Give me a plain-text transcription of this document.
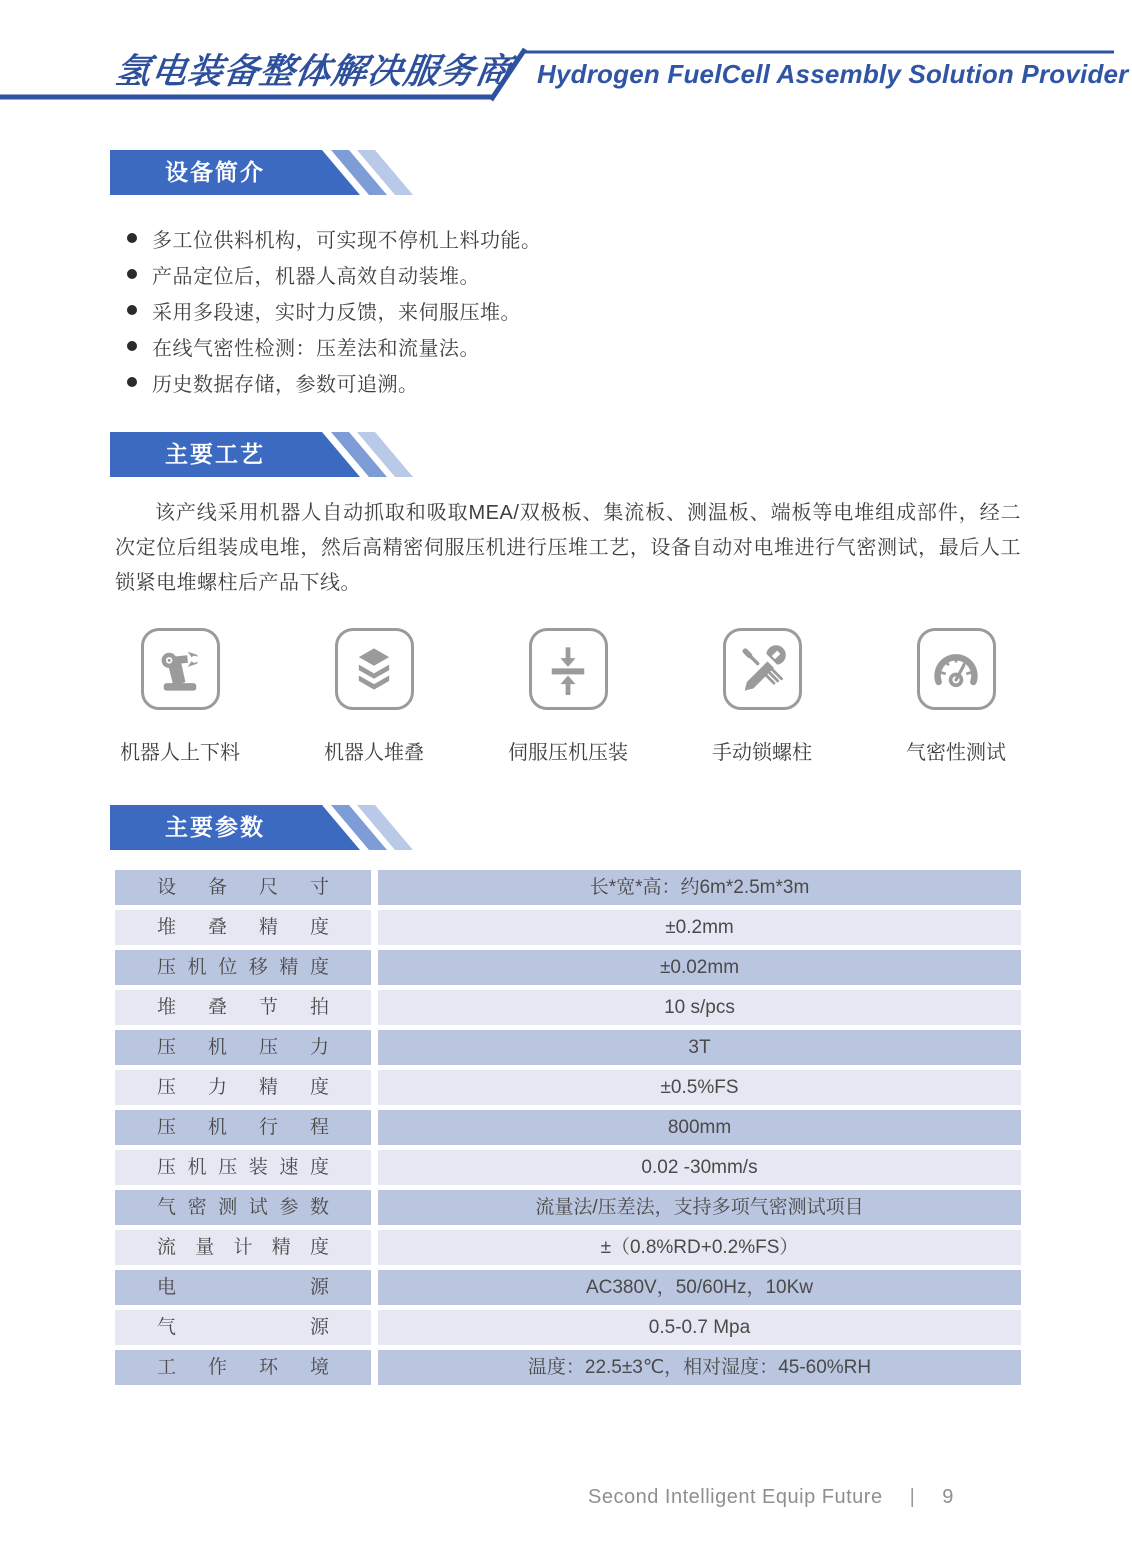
氢电装备整体解决服务商 Hydrogen FuelCell Assembly Solution Provider
设备简介
多工位供料机构，可实现不停机上料功能。
产品定位后，机器人高效自动装堆。
采用多段速，实时力反馈，来伺服压堆。
在线气密性检测：压差法和流量法。
历史数据存储，参数可追溯。
主要工艺
该产线采用机器人自动抓取和吸取MEA/双极板、集流板、测温板、端板等电堆组成部件，经二次定位后组装成电堆，然后高精密伺服压机进行压堆工艺，设备自动对电堆进行气密测试，最后人工锁紧电堆螺柱后产品下线。
机器人上下料	机器人堆叠	伺服压机压装	手动锁螺柱	气密性测试
主要参数
设备尺寸	长*宽*高：约6m*2.5m*3m
堆叠精度	±0.2mm
压机位移精度	±0.02mm
堆叠节拍	10 s/pcs
压机压力	3T
压力精度	±0.5%FS
压机行程	800mm
压机压装速度	0.02 -30mm/s
气密测试参数	流量法/压差法，支持多项气密测试项目
流量计精度	±（0.8%RD+0.2%FS）
电源	AC380V，50/60Hz，10Kw
气源	0.5-0.7 Mpa
工作环境	温度：22.5±3℃，相对湿度：45-60%RH
Second Intelligent Equip Future | 9
